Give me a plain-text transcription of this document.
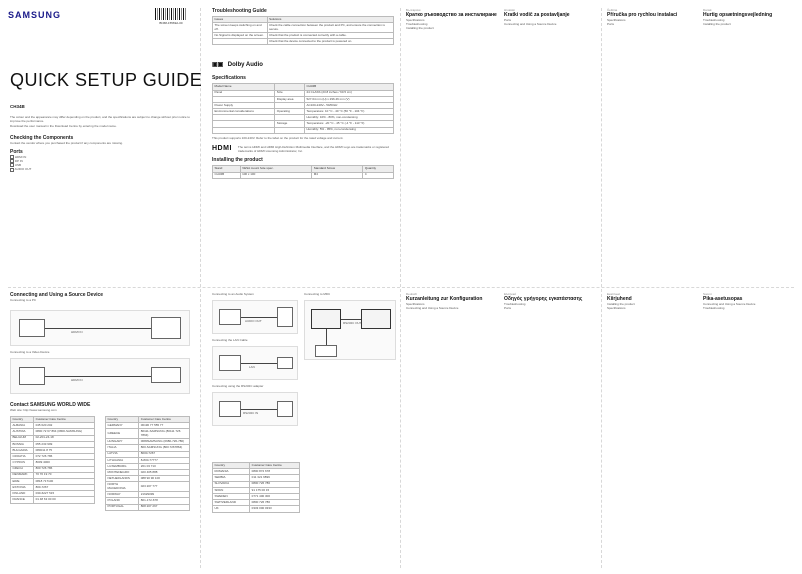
SAMSUNG
BN68-15569A-00
QUICK SETUP GUIDE
CH34B
The colour and the appearance may differ depending on the product, and the specifications are subject to change without prior notice to improve the performance.
Download the user manual in the Download Centre by entering the model name.
Checking the Components
Contact the vendor where you purchased the product if any components are missing.
Ports
HDMI IN
DP IN
USB
AUDIO OUT
Troubleshooting Guide
Issues	Solutions
The screen keeps switching on and off.	Check the cable connection between the product and PC, and ensure the connection is secure.
No Signal is displayed on the screen.	Check that the product is connected correctly with a cable.
	Check that the device connected to the product is powered on.
▣▣ Dolby Audio
Specifications
Model Name		CH34B
Panel	Size	24 CLASS (23.8 inches / 60.5 cm)
	Display area	527.04 mm (H) x 296.46 mm (V)
Power Supply		AC100-240V~ 50/60Hz
Environmental considerations	Operating	Temperature: 10 °C - 40 °C (50 °F - 104 °F)
		Humidity: 10% - 80%, non-condensing
	Storage	Temperature: -20 °C - 45 °C (-4 °F - 113 °F)
		Humidity: 5% - 95%, non-condensing
This product supports 100-240V. Refer to the label on the product for the rated voltage and current.
HDMI The terms HDMI and HDMI High-Definition Multimedia Interface, and the HDMI Logo are trademarks or registered trademarks of HDMI Licensing Administrator, Inc.
Installing the product
Stand	VESA mount hole spec.	Standard Screw	Quantity
CH34B	100 x 100	M4	4
Български
Кратко ръководство за инсталиране
Specifications
Troubleshooting
Installing the product
Hrvatski
Kratki vodič za postavljanje
Ports
Connecting and Using a Source Device
Čeština
Příručka pro rychlou instalaci
Specifications
Ports
Dansk
Hurtig opsætningsvejledning
Troubleshooting
Installing the product
Connecting and Using a Source Device
Connecting to a PC
HDMI IN
Connecting to a Video Device
HDMI IN
Contact SAMSUNG WORLD WIDE
Web site: http://www.samsung.com
Country	Customer Care Centre
ALBANIA	045 620 202
AUSTRIA	0800 72 67 864 (0800-SAMSUNG)
BELGIUM	02-201-24-18
BOSNIA	055 233 999
BULGARIA	080011 8 75
CROATIA	072 726 786
CYPRUS	8009 4000
CZECH	800 726 786
DENMARK	70 70 19 70
EIRE	0818 717100
ESTONIA	800-7267
FINLAND	030-6227 515
FRANCE	01 48 63 00 00
Country	Customer Care Centre
GERMANY	06196 77 555 77
GREECE	80111-SAMSUNG (80111 726 7864)
HUNGARY	0680SAMSUNG (0680-726-786)
ITALIA	800-SAMSUNG (800.7267864)
LATVIA	8000-7267
LITHUANIA	8-800-77777
LUXEMBURG	261 03 710
MONTENEGRO	020 405 888
NETHERLANDS	088 90 90 100
NORTH MACEDONIA	023 207 777
NORWAY	21629099
POLAND	801-172-678
PORTUGAL	808 207 267
Country	Customer Care Centre
ROMANIA	0800 872 678
SERBIA	011 321 6899
SLOVAKIA	0800 726 786
SPAIN	91 175 00 15
SWEDEN	0771 400 300
SWITZERLAND	0800 726 786
UK	0333 000 0333
Connecting to an Audio System
AUDIO OUT
Connecting the LAN Cable
LAN
Connecting using the RS232C adapter
RS232C IN
Connecting to MDC
RS232C OUT
Deutsch
Kurzanleitung zur Konfiguration
Specifications
Connecting and Using a Source Device
Ελληνικά
Οδηγός γρήγορης εγκατάστασης
Troubleshooting
Ports
Eesti keel
Kiirjuhend
Installing the product
Specifications
Suomi
Pika-asetusopas
Connecting and Using a Source Device
Troubleshooting
